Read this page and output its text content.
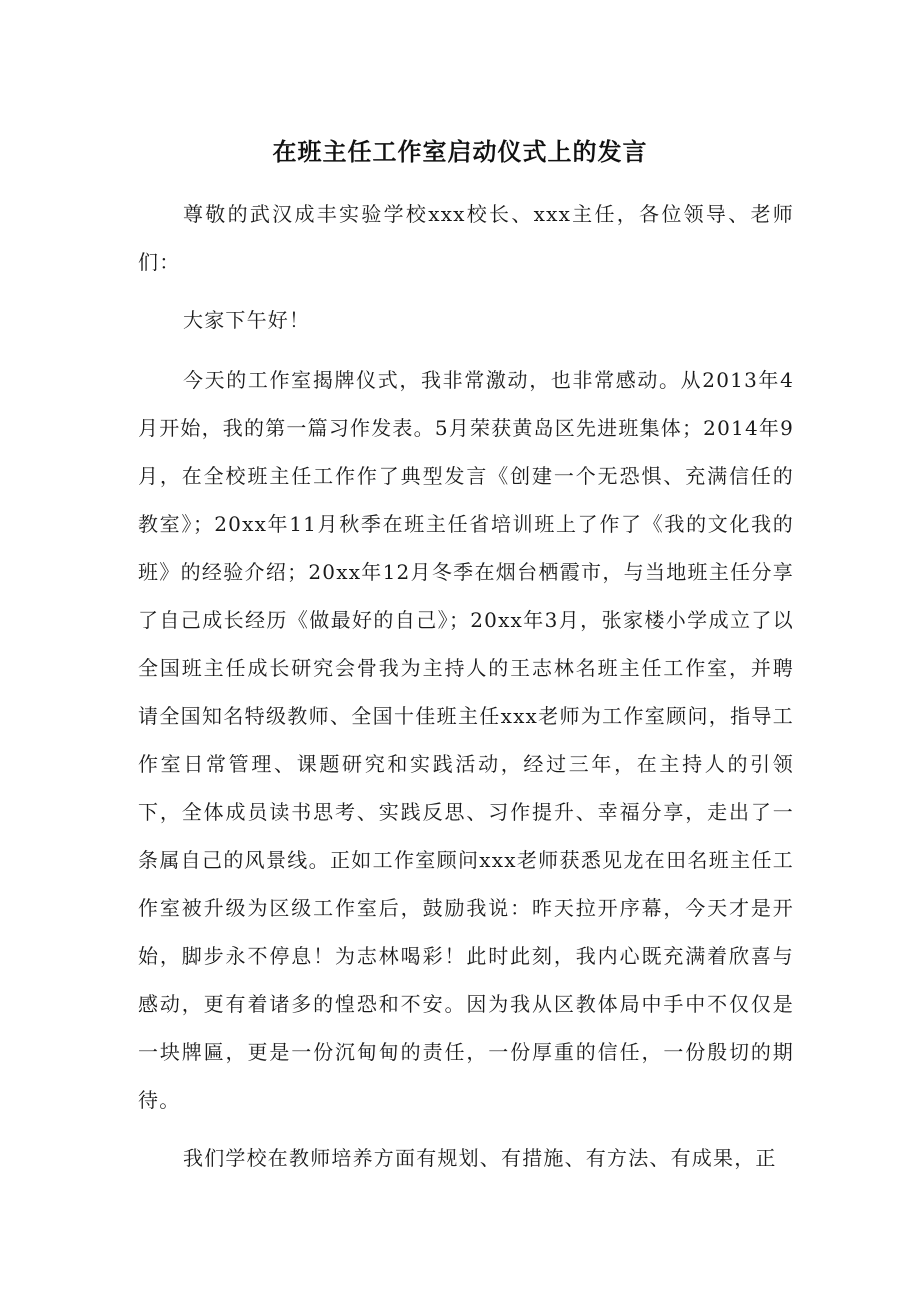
在班主任工作室启动仪式上的发言

尊敬的武汉成丰实验学校xxx校长、xxx主任，各位领导、老师们：

大家下午好！

今天的工作室揭牌仪式，我非常激动，也非常感动。从2013年4月开始，我的第一篇习作发表。5月荣获黄岛区先进班集体；2014年9月，在全校班主任工作作了典型发言《创建一个无恐惧、充满信任的教室》；20xx年11月秋季在班主任省培训班上了作了《我的文化我的班》的经验介绍；20xx年12月冬季在烟台栖霞市，与当地班主任分享了自己成长经历《做最好的自己》；20xx年3月，张家楼小学成立了以全国班主任成长研究会骨我为主持人的王志林名班主任工作室，并聘请全国知名特级教师、全国十佳班主任xxx老师为工作室顾问，指导工作室日常管理、课题研究和实践活动，经过三年，在主持人的引领下，全体成员读书思考、实践反思、习作提升、幸福分享，走出了一条属自己的风景线。正如工作室顾问xxx老师获悉见龙在田名班主任工作室被升级为区级工作室后，鼓励我说：昨天拉开序幕，今天才是开始，脚步永不停息！为志林喝彩！此时此刻，我内心既充满着欣喜与感动，更有着诸多的惶恐和不安。因为我从区教体局中手中不仅仅是一块牌匾，更是一份沉甸甸的责任，一份厚重的信任，一份殷切的期待。

我们学校在教师培养方面有规划、有措施、有方法、有成果，正
